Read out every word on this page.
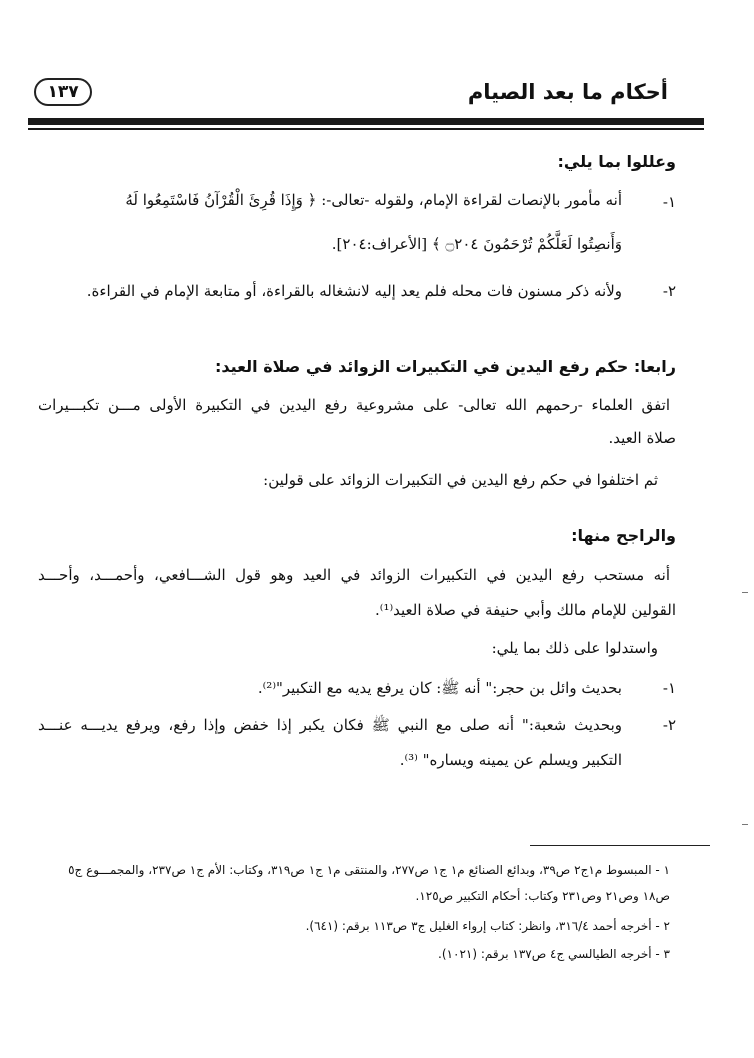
أحكام ما بعد الصيام
١٣٧
وعللوا بما يلي:
١-
أنه مأمور بالإنصات لقراءة الإمام، ولقوله -تعالى-: ﴿ وَإِذَا قُرِئَ الْقُرْآنُ فَاسْتَمِعُوا لَهُ
وَأَنصِتُوا لَعَلَّكُمْ تُرْحَمُونَ ۝٢٠٤ ﴾ [الأعراف:٢٠٤].
٢-
ولأنه ذكر مسنون فات محله فلم يعد إليه لانشغاله بالقراءة، أو متابعة الإمام في القراءة.
رابعا: حكم رفع اليدين في التكبيرات الزوائد في صلاة العيد:
اتفق العلماء -رحمهم الله تعالى- على مشروعية رفع اليدين في التكبيرة الأولى مـــن تكبـــيرات
صلاة العيد.
ثم اختلفوا في حكم رفع اليدين في التكبيرات الزوائد على قولين:
والراجح منها:
أنه مستحب رفع اليدين في التكبيرات الزوائد في العيد وهو قول الشـــافعي، وأحمـــد، وأحـــد
القولين للإمام مالك وأبي حنيفة في صلاة العيد⁽¹⁾.
واستدلوا على ذلك بما يلي:
١-
بحديث وائل بن حجر:" أنه ﷺ: كان يرفع يديه مع التكبير"⁽²⁾.
٢-
وبحديث شعبة:" أنه صلى مع النبي ﷺ فكان يكبر إذا خفض وإذا رفع، ويرفع يديـــه عنـــد
التكبير ويسلم عن يمينه ويساره" ⁽³⁾.
١ - المبسوط م١ج٢ ص٣٩، وبدائع الصنائع م١ ج١ ص٢٧٧، والمنتقى م١ ج١ ص٣١٩، وكتاب: الأم ج١ ص٢٣٧، والمجمـــوع ج٥
ص١٨ وص٢١ وص٢٣١ وكتاب: أحكام التكبير ص١٢٥.
٢ - أخرجه أحمد ٣١٦/٤، وانظر: كتاب إرواء الغليل ج٣ ص١١٣ برقم: (٦٤١).
٣ - أخرجه الطيالسي ج٤ ص١٣٧ برقم: (١٠٢١).
